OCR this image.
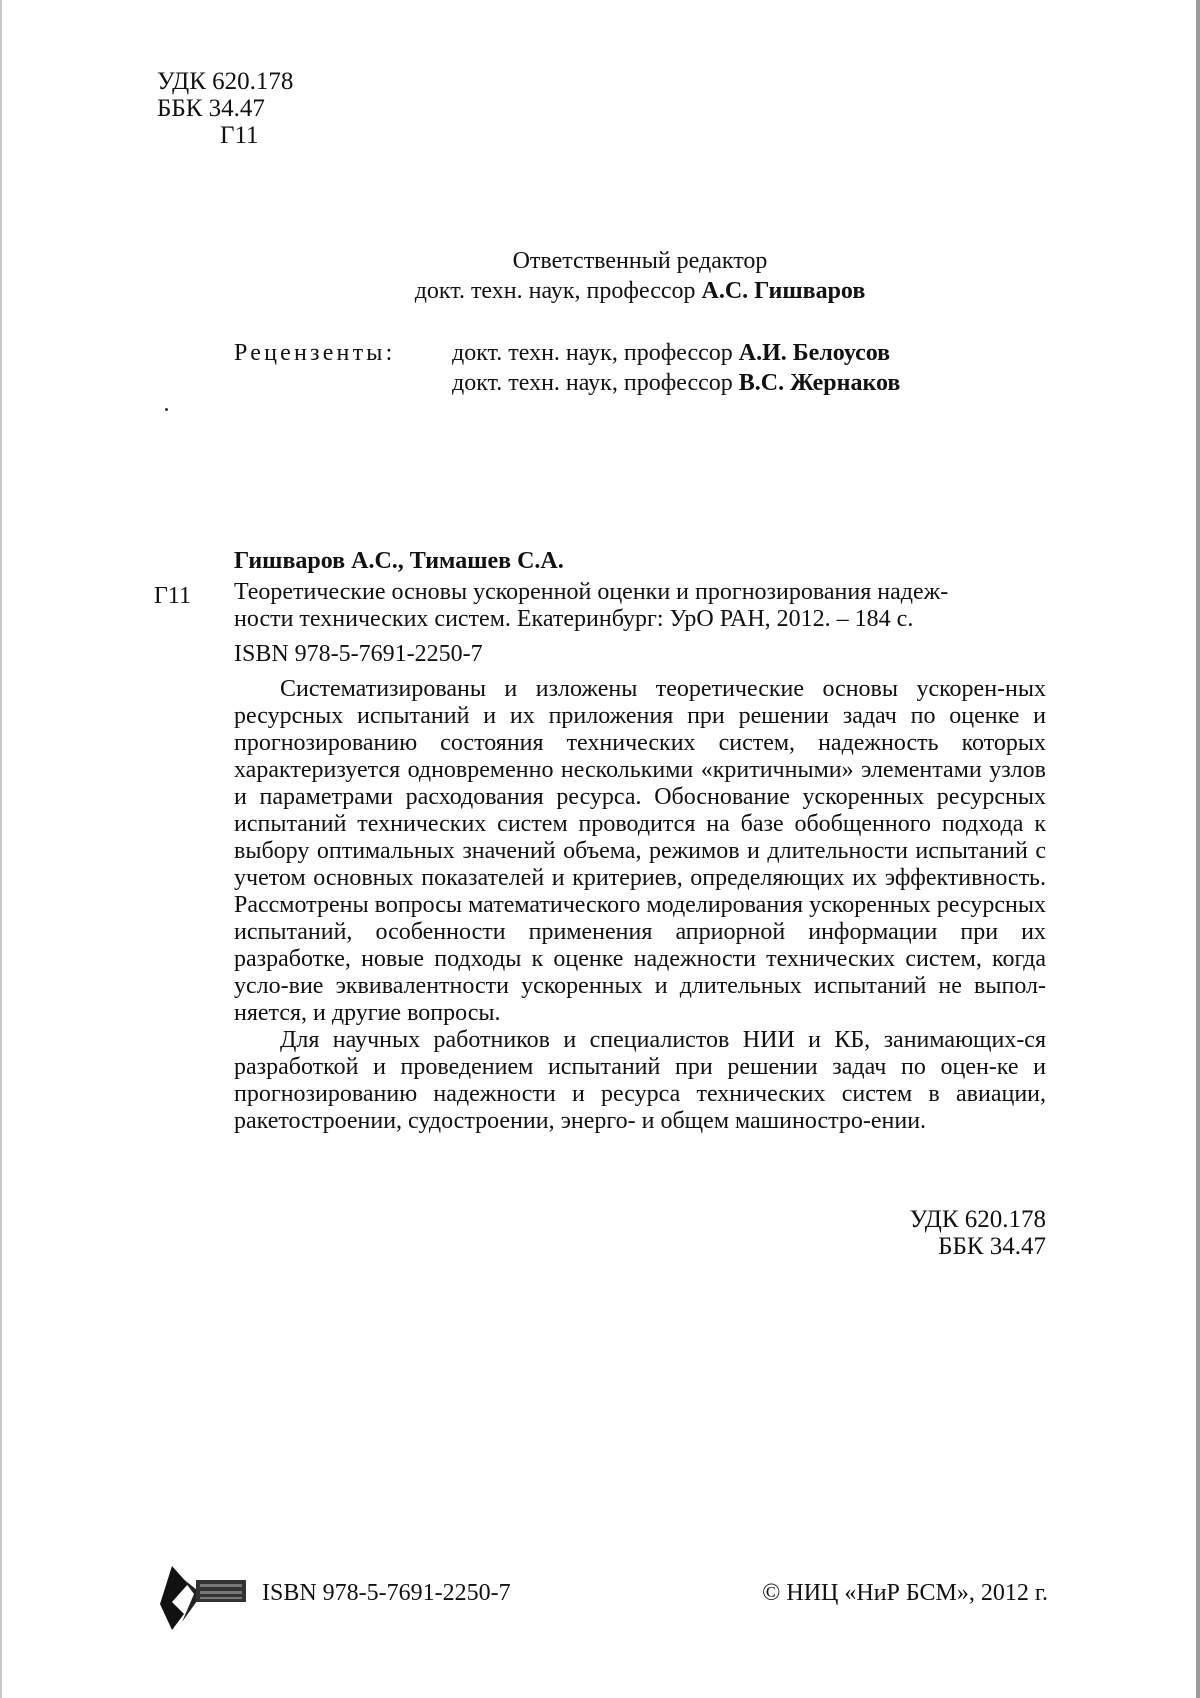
УДК 620.178
ББК 34.47
Г11
Ответственный редактор
докт. техн. наук, профессор А.С. Гишваров
Рецензенты: докт. техн. наук, профессор А.И. Белоусов
докт. техн. наук, профессор В.С. Жернаков
Гишваров А.С., Тимашев С.А.
Г11 Теоретические основы ускоренной оценки и прогнозирования надеж-
ности технических систем. Екатеринбург: УрО РАН, 2012. – 184 с.
ISBN 978-5-7691-2250-7

Систематизированы и изложены теоретические основы ускорен-ных ресурсных испытаний и их приложения при решении задач по оценке и прогнозированию состояния технических систем, надежность которых характеризуется одновременно несколькими «критичными» элементами узлов и параметрами расходования ресурса. Обоснование ускоренных ресурсных испытаний технических систем проводится на базе обобщенного подхода к выбору оптимальных значений объема, режимов и длительности испытаний с учетом основных показателей и критериев, определяющих их эффективность. Рассмотрены вопросы математического моделирования ускоренных ресурсных испытаний, особенности применения априорной информации при их разработке, новые подходы к оценке надежности технических систем, когда усло-вие эквивалентности ускоренных и длительных испытаний не выпол-няется, и другие вопросы.

Для научных работников и специалистов НИИ и КБ, занимающих-ся разработкой и проведением испытаний при решении задач по оцен-ке и прогнозированию надежности и ресурса технических систем в авиации, ракетостроении, судостроении, энерго- и общем машиностро-ении.

УДК 620.178
ББК 34.47
ISBN 978-5-7691-2250-7	© НИЦ «НиР БСМ», 2012 г.
